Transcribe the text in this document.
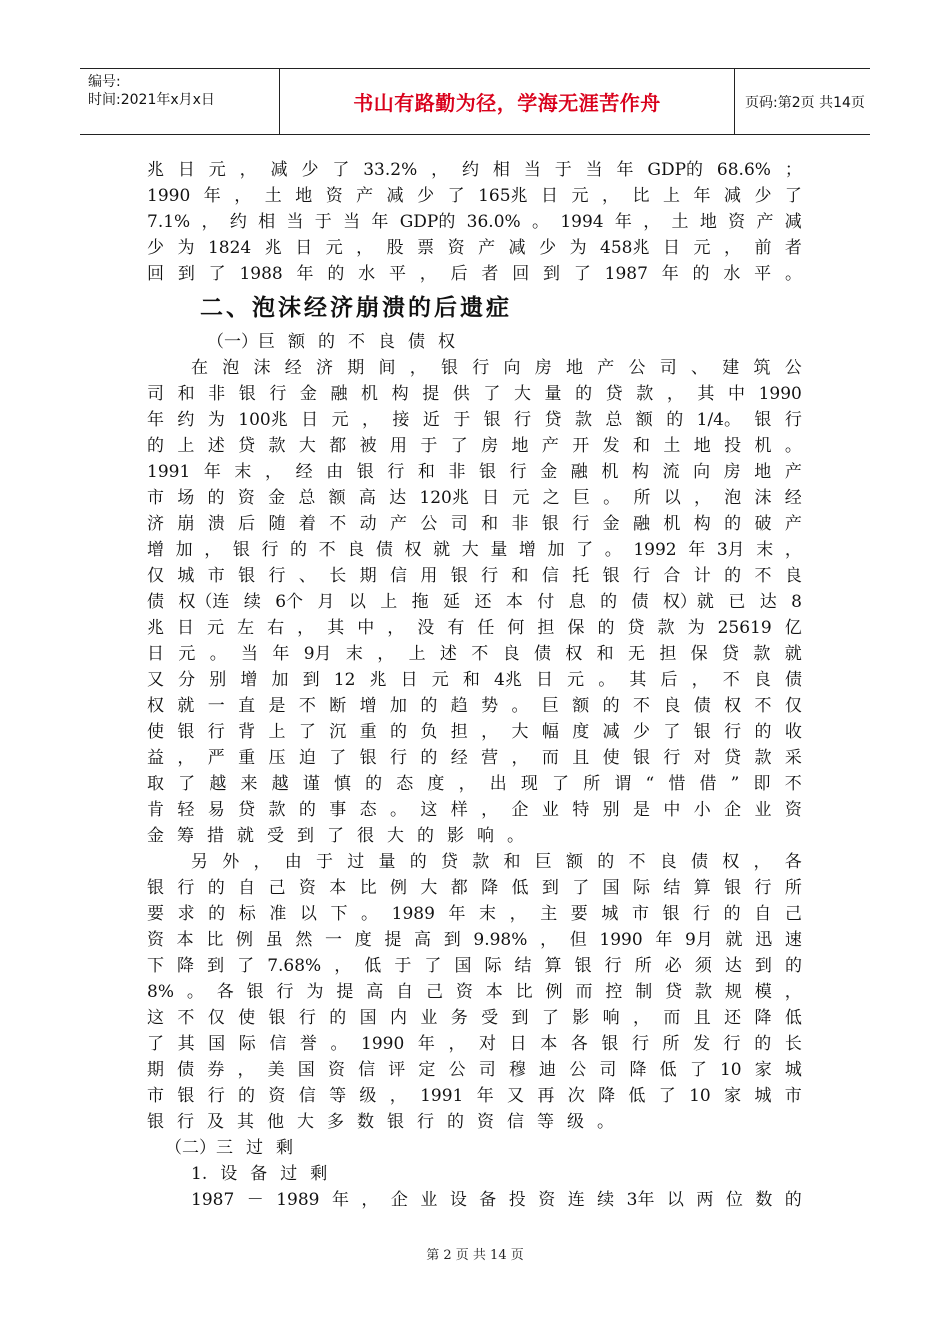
编号:
时间:2021年x月x日	书山有路勤为径，学海无涯苦作舟	页码:第2页 共14页
兆 日 元 ， 减 少 了 33.2% ， 约 相 当 于 当 年 GDP的 68.6% ；
1990 年 ， 土 地 资 产 减 少 了 165兆 日 元 ， 比 上 年 减 少 了
7.1% ， 约 相 当 于 当 年 GDP的 36.0% 。 1994 年 ， 土 地 资 产 减
少 为 1824 兆 日 元 ， 股 票 资 产 减 少 为 458兆 日 元 ， 前 者
回 到 了 1988 年 的 水 平 ， 后 者 回 到 了 1987 年 的 水 平 。
二、泡沫经济崩溃的后遗症
（一）巨 额 的 不 良 债 权
在 泡 沫 经 济 期 间 ， 银 行 向 房 地 产 公 司 、 建 筑 公
司 和 非 银 行 金 融 机 构 提 供 了 大 量 的 贷 款 ， 其 中 1990
年 约 为 100兆 日 元 ， 接 近 于 银 行 贷 款 总 额 的 1/4。 银 行
的 上 述 贷 款 大 都 被 用 于 了 房 地 产 开 发 和 土 地 投 机 。
1991 年 末 ， 经 由 银 行 和 非 银 行 金 融 机 构 流 向 房 地 产
市 场 的 资 金 总 额 高 达 120兆 日 元 之 巨 。 所 以 ， 泡 沫 经
济 崩 溃 后 随 着 不 动 产 公 司 和 非 银 行 金 融 机 构 的 破 产
增 加 ， 银 行 的 不 良 债 权 就 大 量 增 加 了 。 1992 年 3月 末 ，
仅 城 市 银 行 、 长 期 信 用 银 行 和 信 托 银 行 合 计 的 不 良
债 权（连 续 6个 月 以 上 拖 延 还 本 付 息 的 债 权）就 已 达 8
兆 日 元 左 右 ， 其 中 ， 没 有 任 何 担 保 的 贷 款 为 25619 亿
日 元 。 当 年 9月 末 ， 上 述 不 良 债 权 和 无 担 保 贷 款 就
又 分 别 增 加 到 12 兆 日 元 和 4兆 日 元 。 其 后 ， 不 良 债
权 就 一 直 是 不 断 增 加 的 趋 势 。 巨 额 的 不 良 债 权 不 仅
使 银 行 背 上 了 沉 重 的 负 担 ， 大 幅 度 减 少 了 银 行 的 收
益 ， 严 重 压 迫 了 银 行 的 经 营 ， 而 且 使 银 行 对 贷 款 采
取 了 越 来 越 谨 慎 的 态 度 ， 出 现 了 所 谓 “ 惜 借 ” 即 不
肯 轻 易 贷 款 的 事 态 。 这 样 ， 企 业 特 别 是 中 小 企 业 资
金 筹 措 就 受 到 了 很 大 的 影 响 。
另 外 ， 由 于 过 量 的 贷 款 和 巨 额 的 不 良 债 权 ， 各
银 行 的 自 己 资 本 比 例 大 都 降 低 到 了 国 际 结 算 银 行 所
要 求 的 标 准 以 下 。 1989 年 末 ， 主 要 城 市 银 行 的 自 己
资 本 比 例 虽 然 一 度 提 高 到 9.98% ， 但 1990 年 9月 就 迅 速
下 降 到 了 7.68% ， 低 于 了 国 际 结 算 银 行 所 必 须 达 到 的
8% 。 各 银 行 为 提 高 自 己 资 本 比 例 而 控 制 贷 款 规 模 ，
这 不 仅 使 银 行 的 国 内 业 务 受 到 了 影 响 ， 而 且 还 降 低
了 其 国 际 信 誉 。 1990 年 ， 对 日 本 各 银 行 所 发 行 的 长
期 债 券 ， 美 国 资 信 评 定 公 司 穆 迪 公 司 降 低 了 10 家 城
市 银 行 的 资 信 等 级 ， 1991 年 又 再 次 降 低 了 10 家 城 市
银 行 及 其 他 大 多 数 银 行 的 资 信 等 级 。
（二）三 过 剩
1. 设 备 过 剩
1987 － 1989 年 ， 企 业 设 备 投 资 连 续 3年 以 两 位 数 的
第 2 页 共 14 页
